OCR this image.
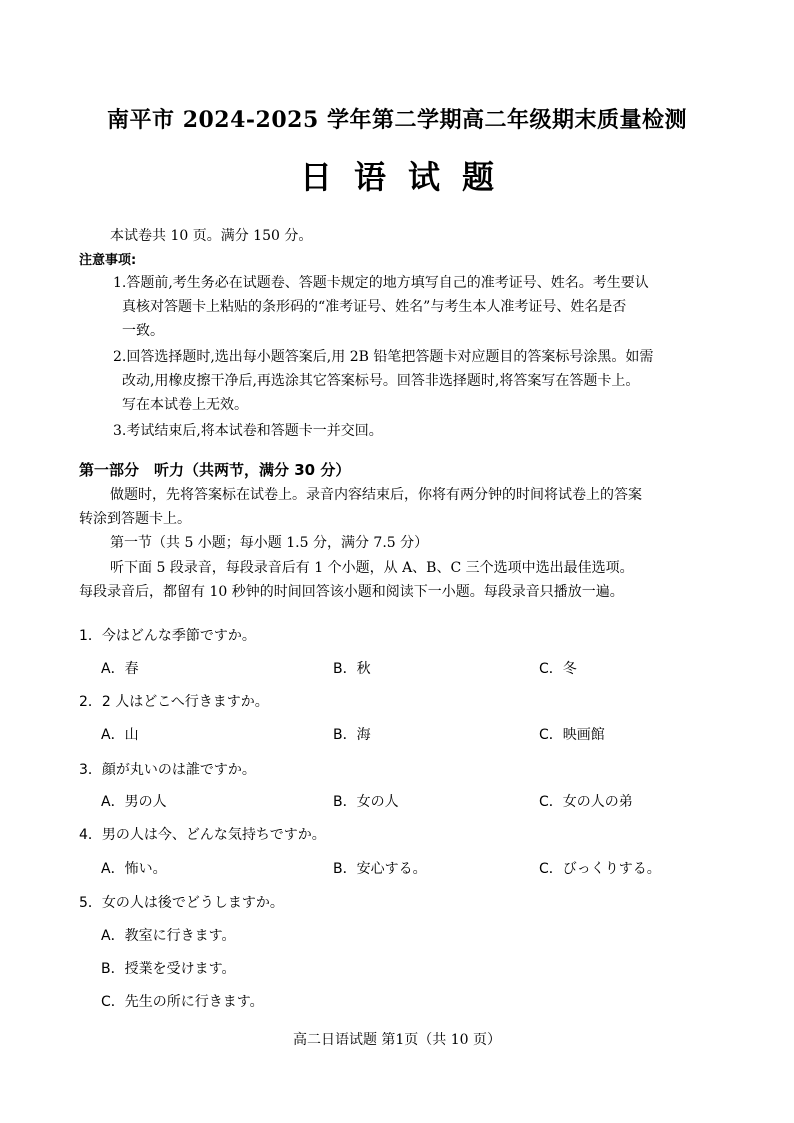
南平市 2024-2025 学年第二学期高二年级期末质量检测
日语试题
本试卷共 10 页。满分 150 分。
注意事项:
1.答题前,考生务必在试题卷、答题卡规定的地方填写自己的准考证号、姓名。考生要认
真核对答题卡上粘贴的条形码的“准考证号、姓名”与考生本人准考证号、姓名是否
一致。
2.回答选择题时,选出每小题答案后,用 2B 铅笔把答题卡对应题目的答案标号涂黑。如需
改动,用橡皮擦干净后,再选涂其它答案标号。回答非选择题时,将答案写在答题卡上。
写在本试卷上无效。
3.考试结束后,将本试卷和答题卡一并交回。
第一部分　听力（共两节，满分 30 分）
做题时，先将答案标在试卷上。录音内容结束后，你将有两分钟的时间将试卷上的答案
转涂到答题卡上。
第一节（共 5 小题；每小题 1.5 分，满分 7.5 分）
听下面 5 段录音，每段录音后有 1 个小题，从 A、B、C 三个选项中选出最佳选项。
每段录音后，都留有 10 秒钟的时间回答该小题和阅读下一小题。每段录音只播放一遍。
1．今はどんな季節ですか。
A．春	B．秋	C．冬
2．2 人はどこへ行きますか。
A．山	B．海	C．映画館
3．顔が丸いのは誰ですか。
A．男の人	B．女の人	C．女の人の弟
4．男の人は今、どんな気持ちですか。
A．怖い。	B．安心する。	C．びっくりする。
5．女の人は後でどうしますか。
A．教室に行きます。
B．授業を受けます。
C．先生の所に行きます。
高二日语试题 第1页（共 10 页）
